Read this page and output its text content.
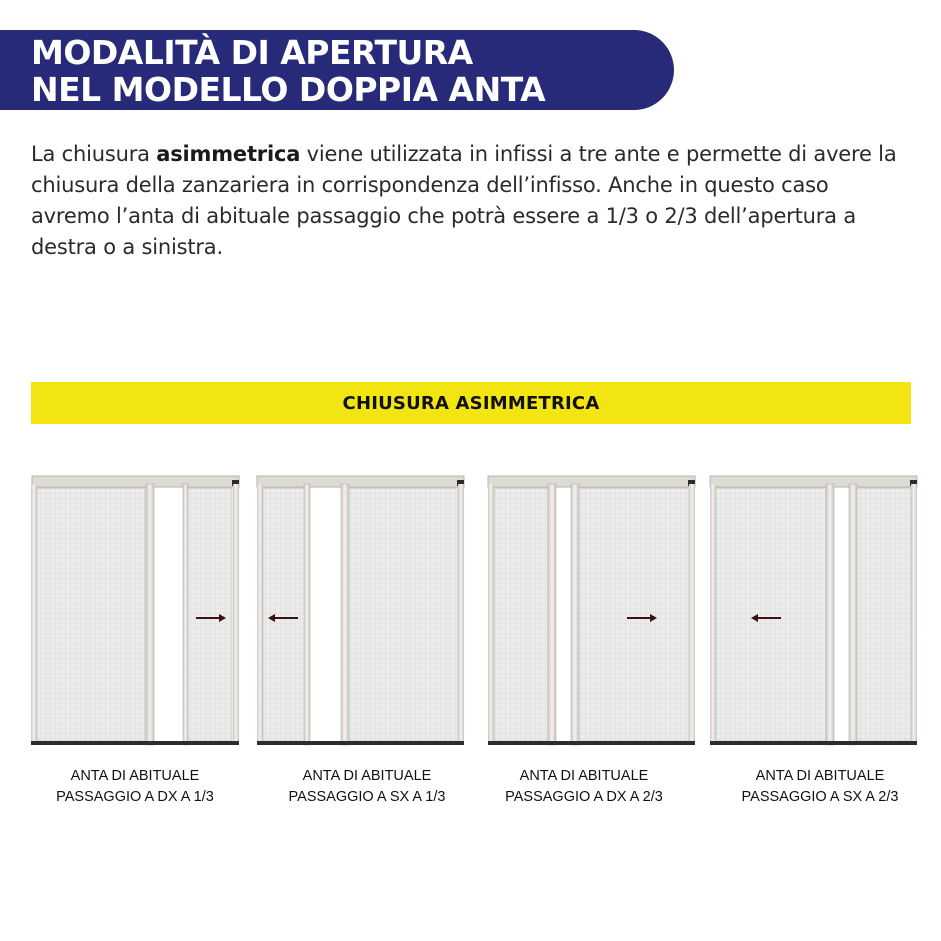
MODALITÀ DI APERTURA
NEL MODELLO DOPPIA ANTA
La chiusura asimmetrica viene utilizzata in infissi a tre ante e permette di avere la chiusura della zanzariera in corrispondenza dell’infisso. Anche in questo caso avremo l’anta di abituale passaggio che potrà essere a 1/3 o 2/3 dell’apertura a destra o a sinistra.
CHIUSURA ASIMMETRICA
ANTA DI ABITUALE
PASSAGGIO A DX A 1/3
ANTA DI ABITUALE
PASSAGGIO A SX A 1/3
ANTA DI ABITUALE
PASSAGGIO A DX A 2/3
ANTA DI ABITUALE
PASSAGGIO A SX A 2/3
